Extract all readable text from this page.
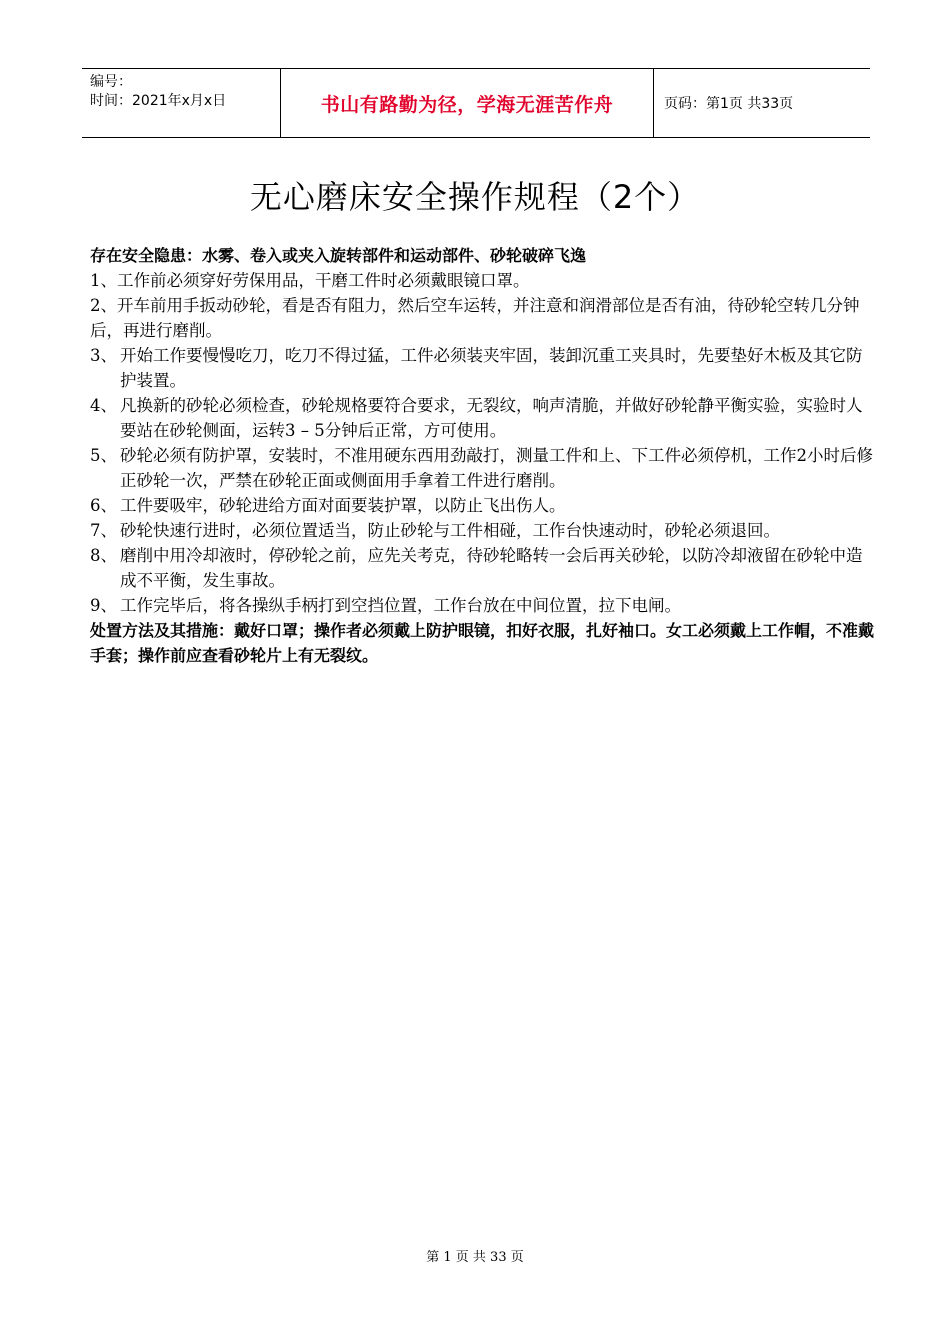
编号：
时间：2021年x月x日	书山有路勤为径，学海无涯苦作舟	页码：第1页 共33页
无心磨床安全操作规程（2个）
存在安全隐患：水雾、卷入或夹入旋转部件和运动部件、砂轮破碎飞逸
1、工作前必须穿好劳保用品，干磨工件时必须戴眼镜口罩。
2、开车前用手扳动砂轮，看是否有阻力，然后空车运转，并注意和润滑部位是否有油，待砂轮空转几分钟后，再进行磨削。
3、 开始工作要慢慢吃刀，吃刀不得过猛，工件必须装夹牢固，装卸沉重工夹具时，先要垫好木板及其它防护装置。
4、 凡换新的砂轮必须检查，砂轮规格要符合要求，无裂纹，响声清脆，并做好砂轮静平衡实验，实验时人要站在砂轮侧面，运转3 – 5分钟后正常，方可使用。
5、 砂轮必须有防护罩，安装时，不准用硬东西用劲敲打，测量工件和上、下工件必须停机，工作2小时后修正砂轮一次，严禁在砂轮正面或侧面用手拿着工件进行磨削。
6、 工件要吸牢，砂轮进给方面对面要装护罩，以防止飞出伤人。
7、 砂轮快速行进时，必须位置适当，防止砂轮与工件相碰，工作台快速动时，砂轮必须退回。
8、 磨削中用冷却液时，停砂轮之前，应先关考克，待砂轮略转一会后再关砂轮，以防冷却液留在砂轮中造成不平衡，发生事故。
9、 工作完毕后，将各操纵手柄打到空挡位置，工作台放在中间位置，拉下电闸。
处置方法及其措施：戴好口罩；操作者必须戴上防护眼镜，扣好衣服，扎好袖口。女工必须戴上工作帽，不准戴手套；操作前应查看砂轮片上有无裂纹。
第 1 页 共 33 页
